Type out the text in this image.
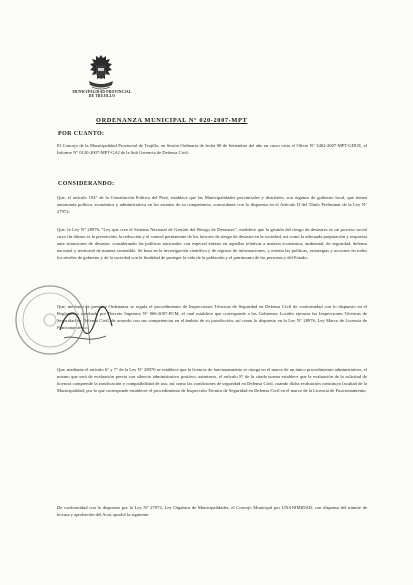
MUNICIPALIDAD PROVINCIAL
DE TRUJILLO
ORDENANZA MUNICIPAL N° 020-2007-MPT
POR CUANTO:

El Concejo de la Municipalidad Provincial de Trujillo, en Sesión Ordinaria de fecha 06 de Setiembre del año en curso visto el Oficio N° 3402-2007-MPT-GDUE, el Informe N° 0120-2007-MPT-GAJ de la Sub Gerencia de Defensa Civil;

CONSIDERANDO:

Que, el artículo 194° de la Constitución Política del Perú, establece que las Municipalidades provinciales y distritales, son órganos de gobierno local, que tienen autonomía política, económica y administrativa en los asuntos de su competencia, concordante con lo dispuesto en el Artículo II del Título Preliminar de la Ley N° 27972;

Que, la Ley N° 28976, "Ley que crea el Sistema Nacional de Gestión del Riesgo de Desastres", establece que la gestión del riesgo de desastres es un proceso social cuyo fin último es la prevención, la reducción y el control permanente de los factores de riesgo de desastre en la sociedad, así como la adecuada preparación y respuesta ante situaciones de desastre, considerando las políticas nacionales con especial énfasis en aquellas relativas a materia económica, ambiental, de seguridad, defensa nacional y territorial de manera sostenible. Se basa en la investigación científica y de registro de informaciones, y orienta las políticas, estrategias y acciones en todos los niveles de gobierno y de la sociedad con la finalidad de proteger la vida de la población y el patrimonio de las personas y del Estado;

Que, mediante la presente Ordenanza se regula el procedimiento de Inspecciones Técnicas de Seguridad en Defensa Civil de conformidad con lo dispuesto en el Reglamento aprobado por Decreto Supremo N° 066-2007-PCM, el cual establece que corresponde a los Gobiernos Locales ejecutar las Inspecciones Técnicas de Seguridad en Defensa Civil, de acuerdo con sus competencias en el ámbito de su jurisdicción; así como lo dispuesto en la Ley N° 28976, Ley Marco de Licencia de Funcionamiento;

Que, mediante el artículo 6° y 7° de la Ley N° 28976 se establece que la licencia de funcionamiento se otorga en el marco de un único procedimiento administrativo, el mismo que será de evaluación previa con silencio administrativo positivo; asimismo, el artículo 8° de la citada norma establece que la evaluación de la solicitud de licencia comprende la zonificación y compatibilidad de uso, así como las condiciones de seguridad en Defensa Civil, cuando dicha evaluación constituya facultad de la Municipalidad; por lo que corresponde establecer el procedimiento de Inspección Técnica de Seguridad en Defensa Civil en el marco de la Licencia de Funcionamiento;

De conformidad con lo dispuesto por la Ley N° 27972, Ley Orgánica de Municipalidades, el Concejo Municipal por UNANIMIDAD, con dispensa del trámite de lectura y aprobación del Acta, aprobó la siguiente:
